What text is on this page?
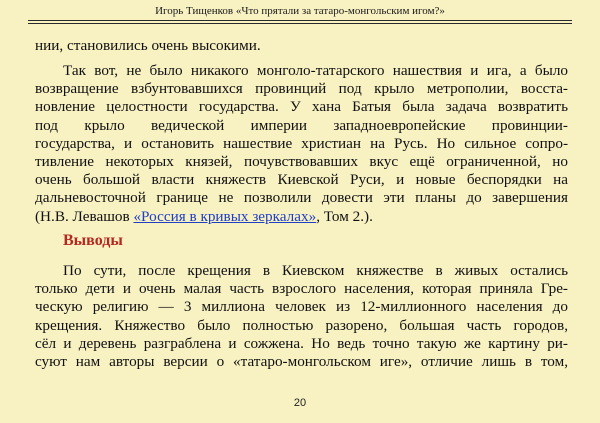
Игорь Тищенков «Что прятали за татаро-монгольским игом?»
нии, становились очень высокими.
Так вот, не было никакого монголо-татарского нашествия и ига, а было
возвращение взбунтовавшихся провинций под крыло метрополии, восста-
новление целостности государства. У хана Батыя была задача возвратить
под крыло ведической империи западноевропейские провинции-
государства, и остановить нашествие христиан на Русь. Но сильное сопро-
тивление некоторых князей, почувствовавших вкус ещё ограниченной, но
очень большой власти княжеств Киевской Руси, и новые беспорядки на
дальневосточной границе не позволили довести эти планы до завершения
(Н.В. Левашов «Россия в кривых зеркалах», Том 2.).
Выводы
По сути, после крещения в Киевском княжестве в живых остались
только дети и очень малая часть взрослого населения, которая приняла Гре-
ческую религию — 3 миллиона человек из 12-миллионного населения до
крещения. Княжество было полностью разорено, большая часть городов,
сёл и деревень разграблена и сожжена. Но ведь точно такую же картину ри-
суют нам авторы версии о «татаро-монгольском иге», отличие лишь в том,
20
